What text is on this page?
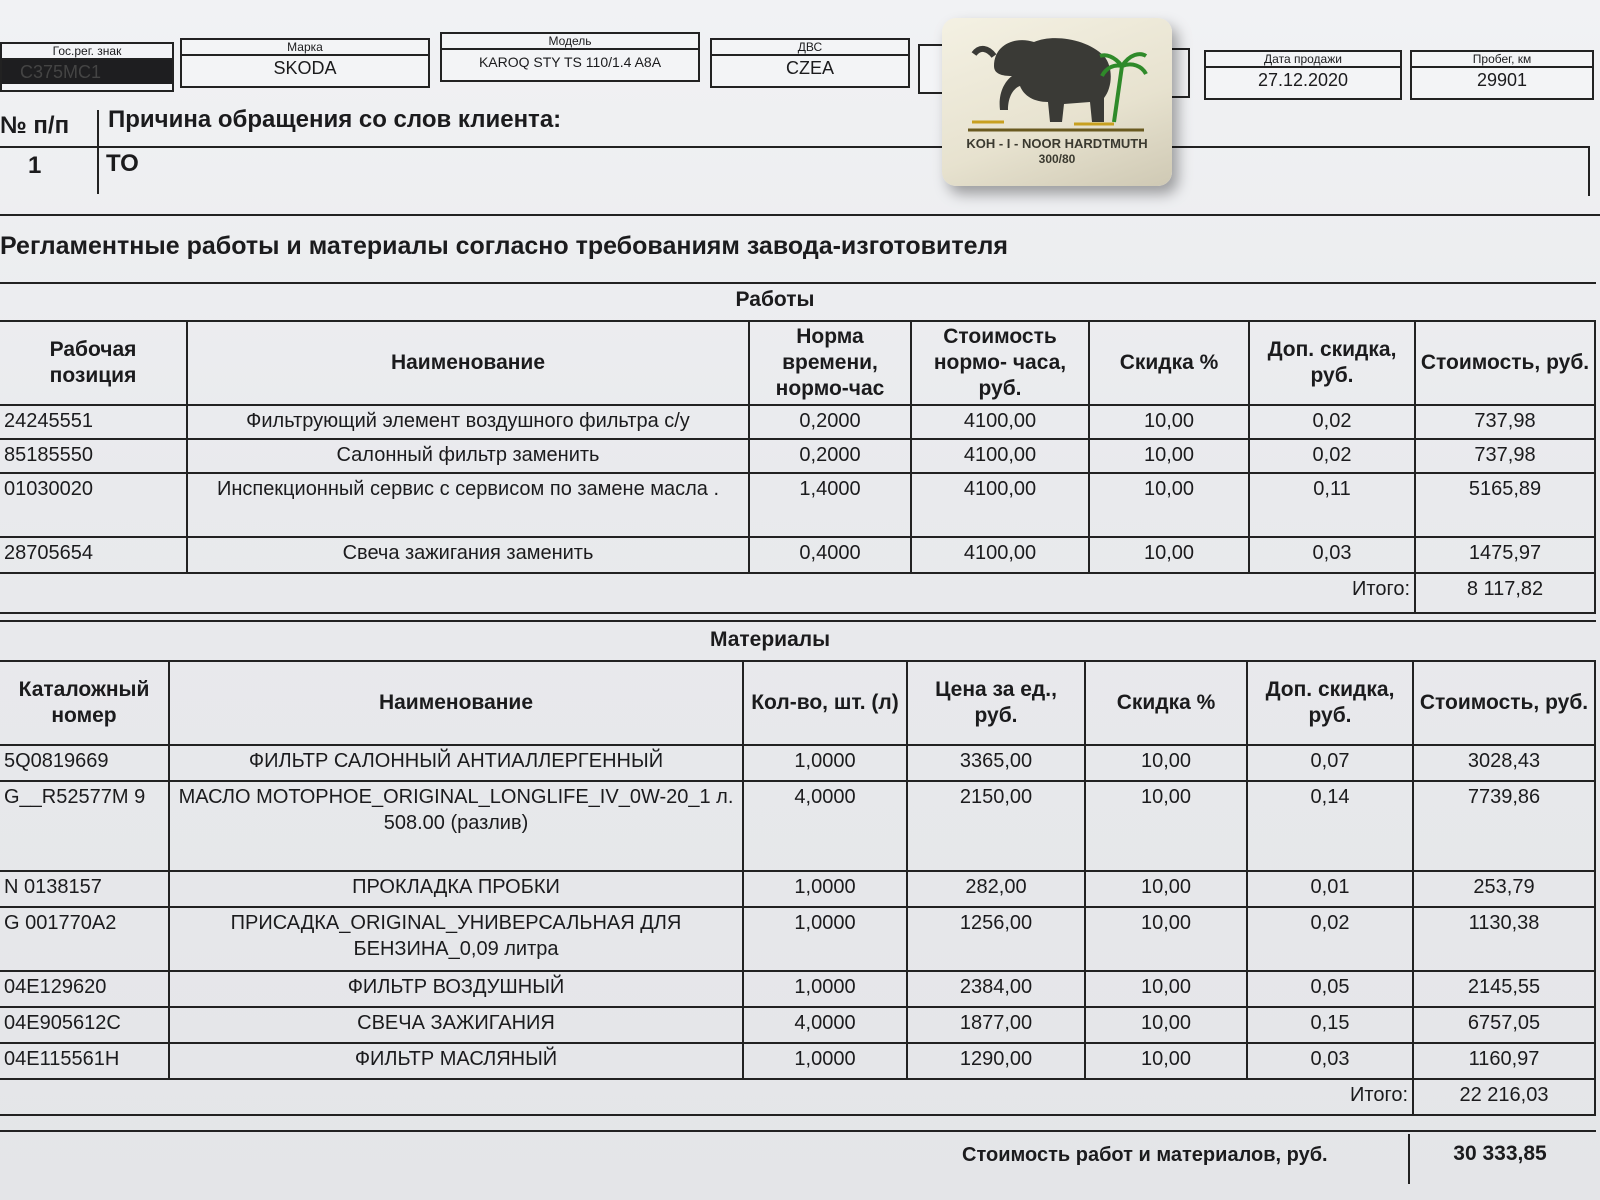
Гос.рег. знак
С375МС1
Марка
SKODA
Модель
KAROQ STY TS 110/1.4 A8A
ДВС
CZEA	Дата продажи
27.12.2020
Пробег, км
29901
№ п/п Причина обращения со слов клиента:
1	ТО
KOH - I - NOOR HARDTMUTH
300/80
Регламентные работы и материалы согласно требованиям завода-изготовителя
Работы
Рабочая позиция	Наименование	Норма времени, нормо-час	Стоимость нормо- часа, руб.	Скидка %	Доп. скидка, руб.	Стоимость, руб.
24245551	Фильтрующий элемент воздушного фильтра с/у	0,2000	4100,00	10,00	0,02	737,98
85185550	Салонный фильтр заменить	0,2000	4100,00	10,00	0,02	737,98
01030020	Инспекционный сервис с сервисом по замене масла .	1,4000	4100,00	10,00	0,11	5165,89
28705654	Свеча зажигания заменить	0,4000	4100,00	10,00	0,03	1475,97
Итого:						8 117,82
Материалы
Каталожный номер	Наименование	Кол-во, шт. (л)	Цена за ед., руб.	Скидка %	Доп. скидка, руб.	Стоимость, руб.
5Q0819669	ФИЛЬТР САЛОННЫЙ АНТИАЛЛЕРГЕННЫЙ	1,0000	3365,00	10,00	0,07	3028,43
G__R52577M 9	МАСЛО МОТОРНОЕ_ORIGINAL_LONGLIFE_IV_0W-20_1 л. 508.00 (разлив)	4,0000	2150,00	10,00	0,14	7739,86
N 0138157	ПРОКЛАДКА ПРОБКИ	1,0000	282,00	10,00	0,01	253,79
G 001770A2	ПРИСАДКА_ORIGINAL_УНИВЕРСАЛЬНАЯ ДЛЯ БЕНЗИНА_0,09 литра	1,0000	1256,00	10,00	0,02	1130,38
04E129620	ФИЛЬТР ВОЗДУШНЫЙ	1,0000	2384,00	10,00	0,05	2145,55
04E905612C	СВЕЧА ЗАЖИГАНИЯ	4,0000	1877,00	10,00	0,15	6757,05
04E115561H	ФИЛЬТР МАСЛЯНЫЙ	1,0000	1290,00	10,00	0,03	1160,97
Итого:						22 216,03
Стоимость работ и материалов, руб.	30 333,85
